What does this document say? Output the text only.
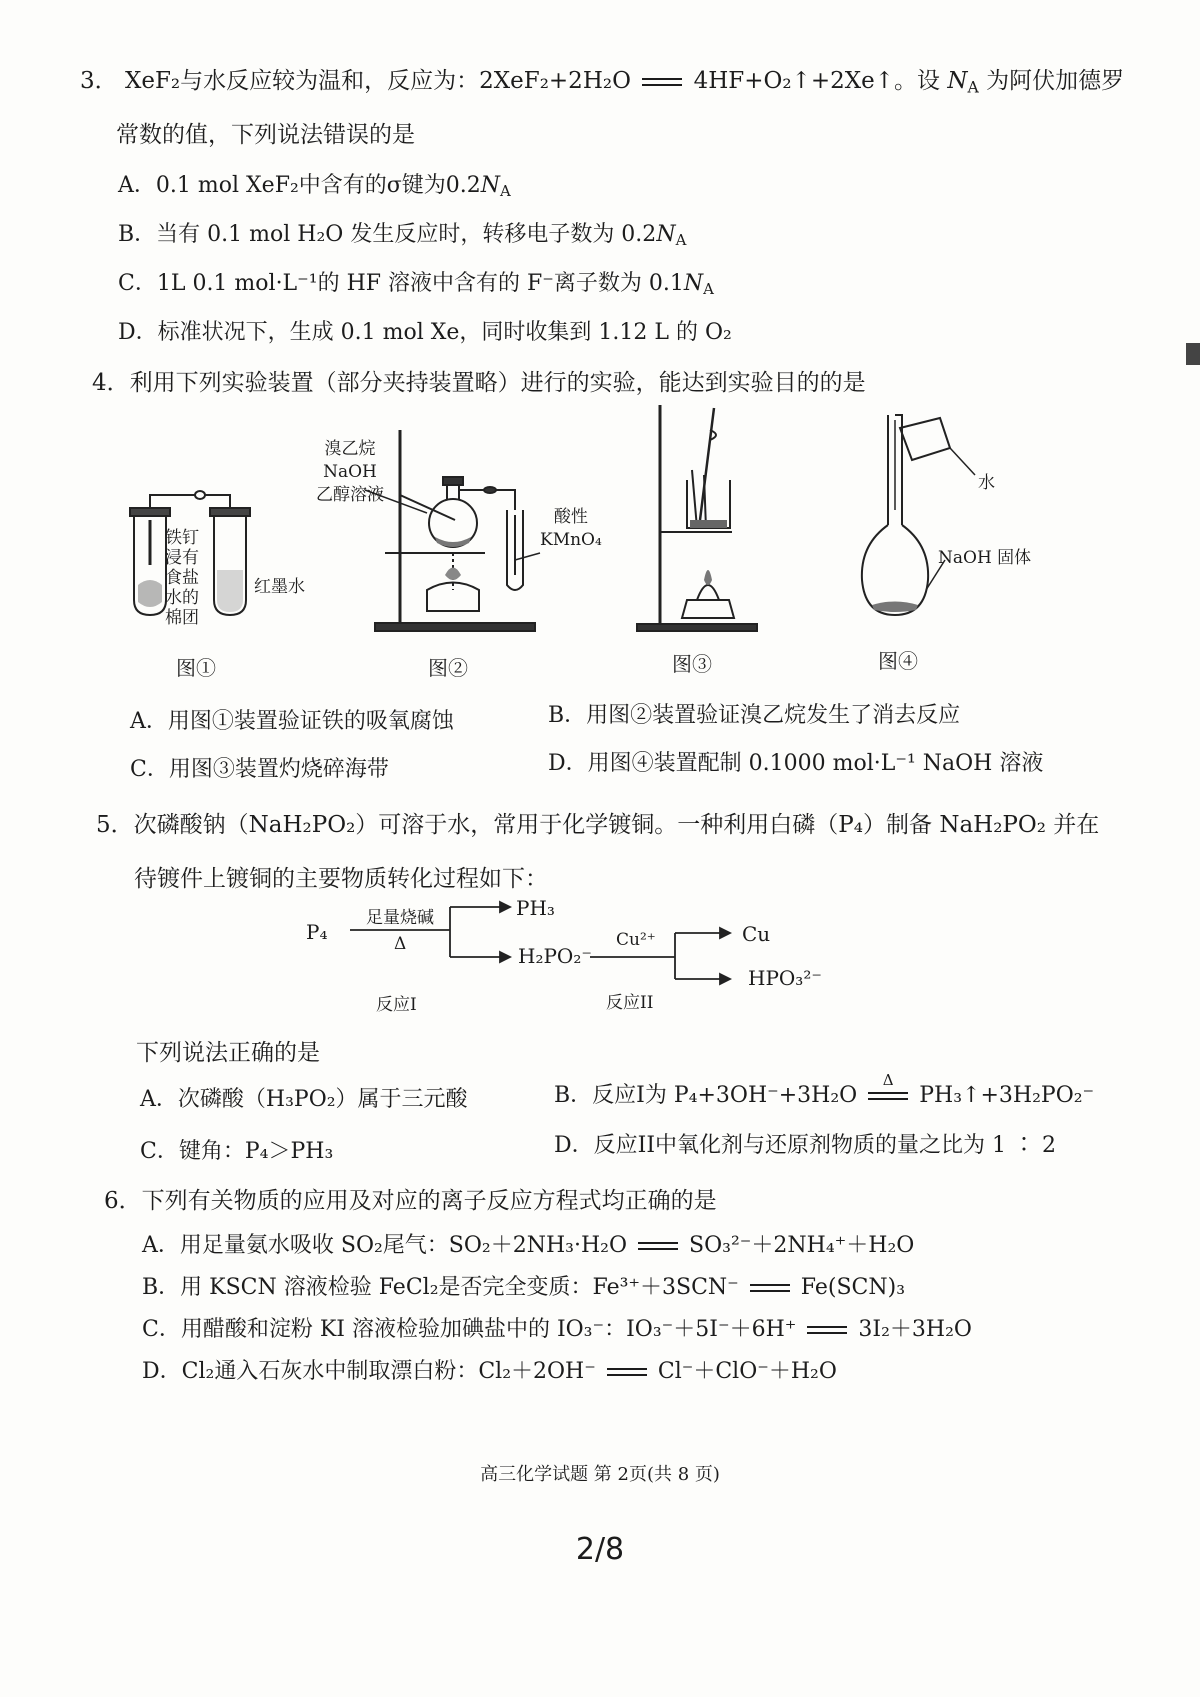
3． XeF₂与水反应较为温和，反应为：2XeF₂+2H₂O	4HF+O₂↑+2Xe↑。设 $N_A$ 为阿伏加德罗
常数的值，下列说法错误的是
A．0.1 mol XeF₂中含有的σ键为$0.2N_A$
B．当有 0.1 mol H₂O 发生反应时，转移电子数为 $0.2N_A$
C．1L 0.1 mol·L⁻¹的 HF 溶液中含有的 F⁻离子数为 $0.1N_A$
D．标准状况下，生成 0.1 mol Xe，同时收集到 1.12 L 的 O₂
4．利用下列实验装置（部分夹持装置略）进行的实验，能达到实验目的的是
铁钉
浸有
食盐
水的
棉团
红墨水
图①
溴乙烷
NaOH
乙醇溶液
酸性
KMnO₄
图②	图③
水
NaOH 固体
图④
A．用图①装置验证铁的吸氧腐蚀	B．用图②装置验证溴乙烷发生了消去反应
C．用图③装置灼烧碎海带	D．用图④装置配制 0.1000 mol·L⁻¹ NaOH 溶液
5．次磷酸钠（NaH₂PO₂）可溶于水，常用于化学镀铜。一种利用白磷（P₄）制备 NaH₂PO₂ 并在
待镀件上镀铜的主要物质转化过程如下：
P₄
足量烧碱
Δ
PH₃
H₂PO₂⁻
Cu²⁺	Cu
HPO₃²⁻
反应I	反应II
下列说法正确的是
A．次磷酸（H₃PO₂）属于三元酸	B．反应I为 P₄+3OH⁻+3H₂O
Δ
PH₃↑+3H₂PO₂⁻
C．键角：P₄＞PH₃	D．反应II中氧化剂与还原剂物质的量之比为 1 ∶ 2
6．下列有关物质的应用及对应的离子反应方程式均正确的是
A．用足量氨水吸收 SO₂尾气：SO₂＋2NH₃·H₂O	SO₃²⁻＋2NH₄⁺＋H₂O
B．用 KSCN 溶液检验 FeCl₂是否完全变质：Fe³⁺＋3SCN⁻	Fe(SCN)₃
C．用醋酸和淀粉 KI 溶液检验加碘盐中的 IO₃⁻：IO₃⁻＋5I⁻＋6H⁺	3I₂＋3H₂O
D．Cl₂通入石灰水中制取漂白粉：Cl₂＋2OH⁻	Cl⁻＋ClO⁻＋H₂O
高三化学试题 第 2页(共 8 页)
2/8
